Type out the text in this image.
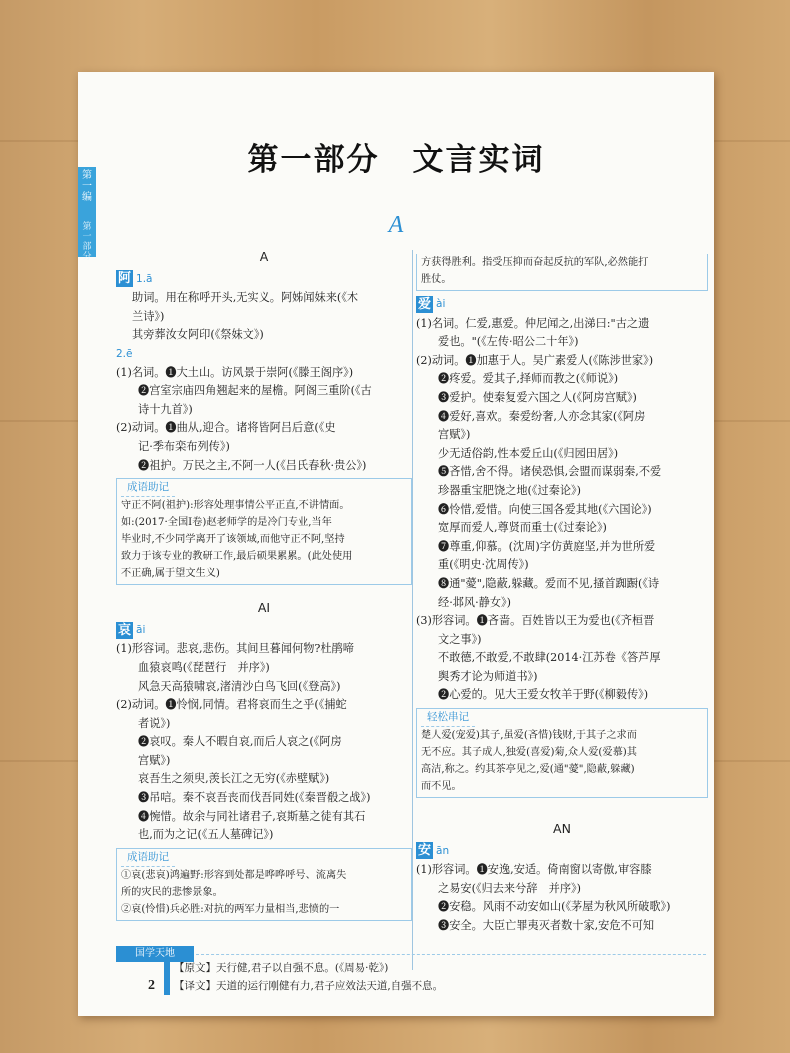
第一编
第一部分
第一部分　文言实词
A
A
阿 1.ā
助词。用在称呼开头,无实义。阿姊闻妹来(《木
兰诗》)
其旁葬汝女阿印(《祭妹文》)
2.ē
(1)名词。❶大土山。访风景于崇阿(《滕王阁序》)
❷宫室宗庙四角翘起来的屋檐。阿阁三重阶(《古
诗十九首》)
(2)动词。❶曲从,迎合。诸将皆阿吕后意(《史
记·季布栾布列传》)
❷祖护。万民之主,不阿一人(《吕氏春秋·贵公》)
成语助记
守正不阿(祖护):形容处理事情公平正直,不讲情面。
如:(2017·全国Ⅰ卷)赵老师学的是冷门专业,当年
毕业时,不少同学离开了该领域,而他守正不阿,坚持
致力于该专业的教研工作,最后硕果累累。(此处使用
不正确,属于望文生义)
AI
哀 āi
(1)形容词。悲哀,悲伤。其间旦暮闻何物?杜鹃啼
血猿哀鸣(《琵琶行　并序》)
风急天高猿啸哀,渚清沙白鸟飞回(《登高》)
(2)动词。❶怜悯,同情。君将哀而生之乎(《捕蛇
者说》)
❷哀叹。秦人不暇自哀,而后人哀之(《阿房
宫赋》)
哀吾生之须臾,羡长江之无穷(《赤壁赋》)
❸吊唁。秦不哀吾丧而伐吾同姓(《秦晋殽之战》)
❹惋惜。故余与同社诸君子,哀斯墓之徒有其石
也,而为之记(《五人墓碑记》)
成语助记
①哀(悲哀)鸿遍野:形容到处都是哗哗呼号、流离失
所的灾民的悲惨景象。
②哀(怜惜)兵必胜:对抗的两军力量相当,悲愤的一
方获得胜利。指受压抑而奋起反抗的军队,必然能打
胜仗。
爱 ài
(1)名词。仁爱,惠爱。仲尼闻之,出涕曰:"古之遗
爱也。"(《左传·昭公二十年》)
(2)动词。❶加惠于人。吴广素爱人(《陈涉世家》)
❷疼爱。爱其子,择师而教之(《师说》)
❸爱护。使秦复爱六国之人(《阿房宫赋》)
❹爱好,喜欢。秦爱纷奢,人亦念其家(《阿房
宫赋》)
少无适俗韵,性本爱丘山(《归园田居》)
❺吝惜,舍不得。诸侯恐惧,会盟而谋弱秦,不爱
珍器重宝肥饶之地(《过秦论》)
❻怜惜,爱惜。向使三国各爱其地(《六国论》)
宽厚而爱人,尊贤而重士(《过秦论》)
❼尊重,仰慕。(沈周)字仿黄庭坚,并为世所爱
重(《明史·沈周传》)
❽通"薆",隐蔽,躲藏。爱而不见,搔首踟蹰(《诗
经·邶风·静女》)
(3)形容词。❶吝啬。百姓皆以王为爱也(《齐桓晋
文之事》)
不敢德,不敢爱,不敢肆(2014·江苏卷《答芦厚
舆秀才论为师道书》)
❷心爱的。见大王爱女牧羊于野(《柳毅传》)
轻松串记
楚人爱(宠爱)其子,虽爱(吝惜)钱财,于其子之求而
无不应。其子成人,独爱(喜爱)菊,众人爱(爱慕)其
高洁,称之。约其茶亭见之,爱(通"薆",隐蔽,躲藏)
而不见。
AN
安 ān
(1)形容词。❶安逸,安适。倚南窗以寄傲,审容膝
之易安(《归去来兮辞　并序》)
❷安稳。风雨不动安如山(《茅屋为秋风所破歌》)
❸安全。大臣亡罪夷灭者数十家,安危不可知
国学天地
2
【原文】天行健,君子以自强不息。(《周易·乾》)
【译文】天道的运行刚健有力,君子应效法天道,自强不息。
